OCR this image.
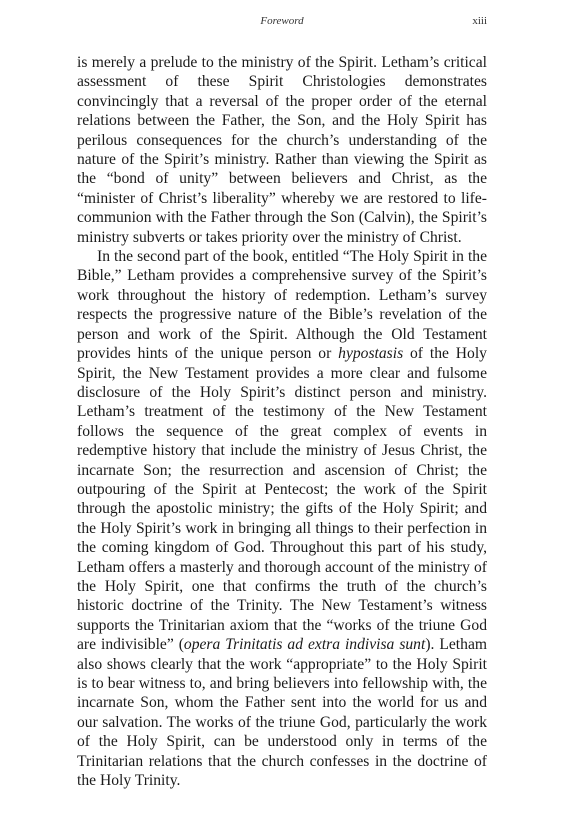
Foreword	xiii

is merely a prelude to the ministry of the Spirit. Letham’s critical assessment of these Spirit Christologies demonstrates convincingly that a reversal of the proper order of the eternal relations between the Father, the Son, and the Holy Spirit has perilous consequences for the church’s understanding of the nature of the Spirit’s ministry. Rather than viewing the Spirit as the “bond of unity” between believers and Christ, as the “minister of Christ’s liberality” whereby we are restored to life-communion with the Father through the Son (Calvin), the Spirit’s ministry subverts or takes priority over the ministry of Christ.

In the second part of the book, entitled “The Holy Spirit in the Bible,” Letham provides a comprehensive survey of the Spirit’s work throughout the history of redemption. Letham’s survey respects the progressive nature of the Bible’s revelation of the person and work of the Spirit. Although the Old Testament provides hints of the unique person or hypostasis of the Holy Spirit, the New Testament provides a more clear and fulsome disclosure of the Holy Spirit’s distinct person and ministry. Letham’s treatment of the testimony of the New Testament follows the sequence of the great complex of events in redemptive history that include the ministry of Jesus Christ, the incarnate Son; the resurrection and ascension of Christ; the outpouring of the Spirit at Pentecost; the work of the Spirit through the apostolic ministry; the gifts of the Holy Spirit; and the Holy Spirit’s work in bringing all things to their perfection in the coming kingdom of God. Throughout this part of his study, Letham offers a masterly and thorough account of the ministry of the Holy Spirit, one that confirms the truth of the church’s historic doctrine of the Trinity. The New Testament’s witness supports the Trinitarian axiom that the “works of the triune God are indivisible” (opera Trinitatis ad extra indivisa sunt). Letham also shows clearly that the work “appropriate” to the Holy Spirit is to bear witness to, and bring believers into fellowship with, the incarnate Son, whom the Father sent into the world for us and our salvation. The works of the triune God, particularly the work of the Holy Spirit, can be understood only in terms of the Trinitarian relations that the church confesses in the doctrine of the Holy Trinity.
